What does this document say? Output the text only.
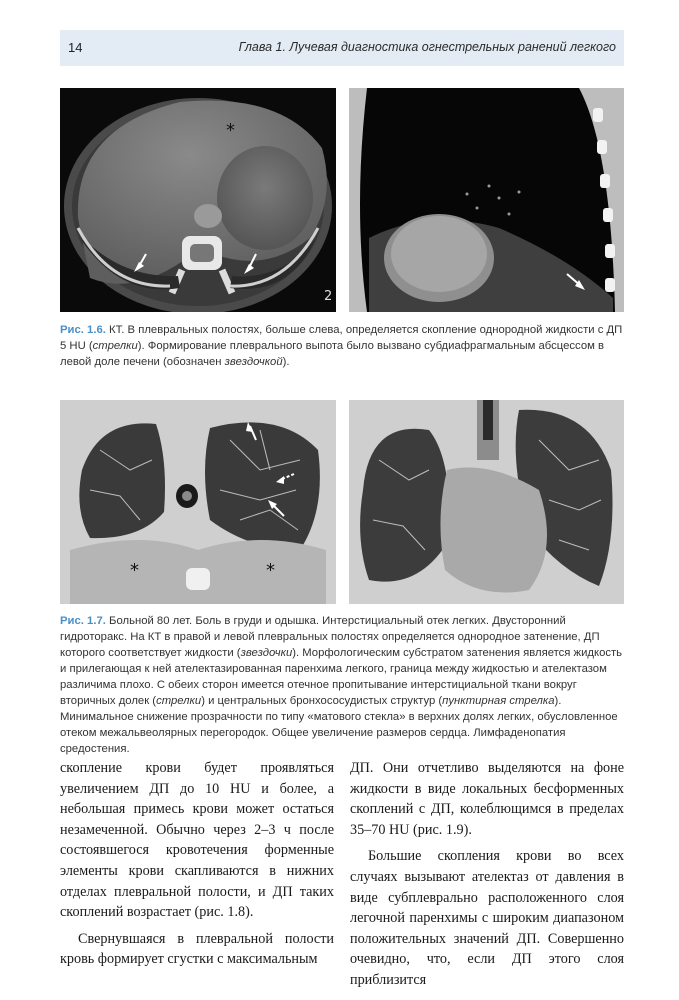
14	Глава 1. Лучевая диагностика огнестрельных ранений легкого
*
2

Рис. 1.6. КТ. В плевральных полостях, больше слева, определяется скопление однородной жидкости с ДП 5 HU (стрелки). Формирование плеврального выпота было вызвано субдиафрагмальным абсцессом в левой доле печени (обозначен звездочкой).

*	*

Рис. 1.7. Больной 80 лет. Боль в груди и одышка. Интерстициальный отек легких. Двусторонний гидроторакс. На КТ в правой и левой плевральных полостях определяется однородное затенение, ДП которого соответствует жидкости (звездочки). Морфологическим субстратом затенения является жидкость и прилегающая к ней ателектазированная паренхима легкого, граница между жидкостью и ателектазом различима плохо. С обеих сторон имеется отечное пропитывание интерстициальной ткани вокруг вторичных долек (стрелки) и центральных бронхососудистых структур (пунктирная стрелка). Минимальное снижение прозрачности по типу «матового стекла» в верхних долях легких, обусловленное отеком межальвеолярных перегородок. Общее увеличение размеров сердца. Лимфаденопатия средостения.

скопление крови будет проявляться увеличением ДП до 10 HU и более, а небольшая примесь крови может остаться незамеченной. Обычно через 2–3 ч после состоявшегося кровотечения форменные элементы крови скапливаются в нижних отделах плевральной полости, и ДП таких скоплений возрастает (рис. 1.8).

Свернувшаяся в плевральной полости кровь формирует сгустки с максимальным

ДП. Они отчетливо выделяются на фоне жидкости в виде локальных бесформенных скоплений с ДП, колеблющимся в пределах 35–70 HU (рис. 1.9).

Большие скопления крови во всех случаях вызывают ателектаз от давления в виде субплеврально расположенного слоя легочной паренхимы с широким диапазоном положительных значений ДП. Совершенно очевидно, что, если ДП этого слоя приблизится
